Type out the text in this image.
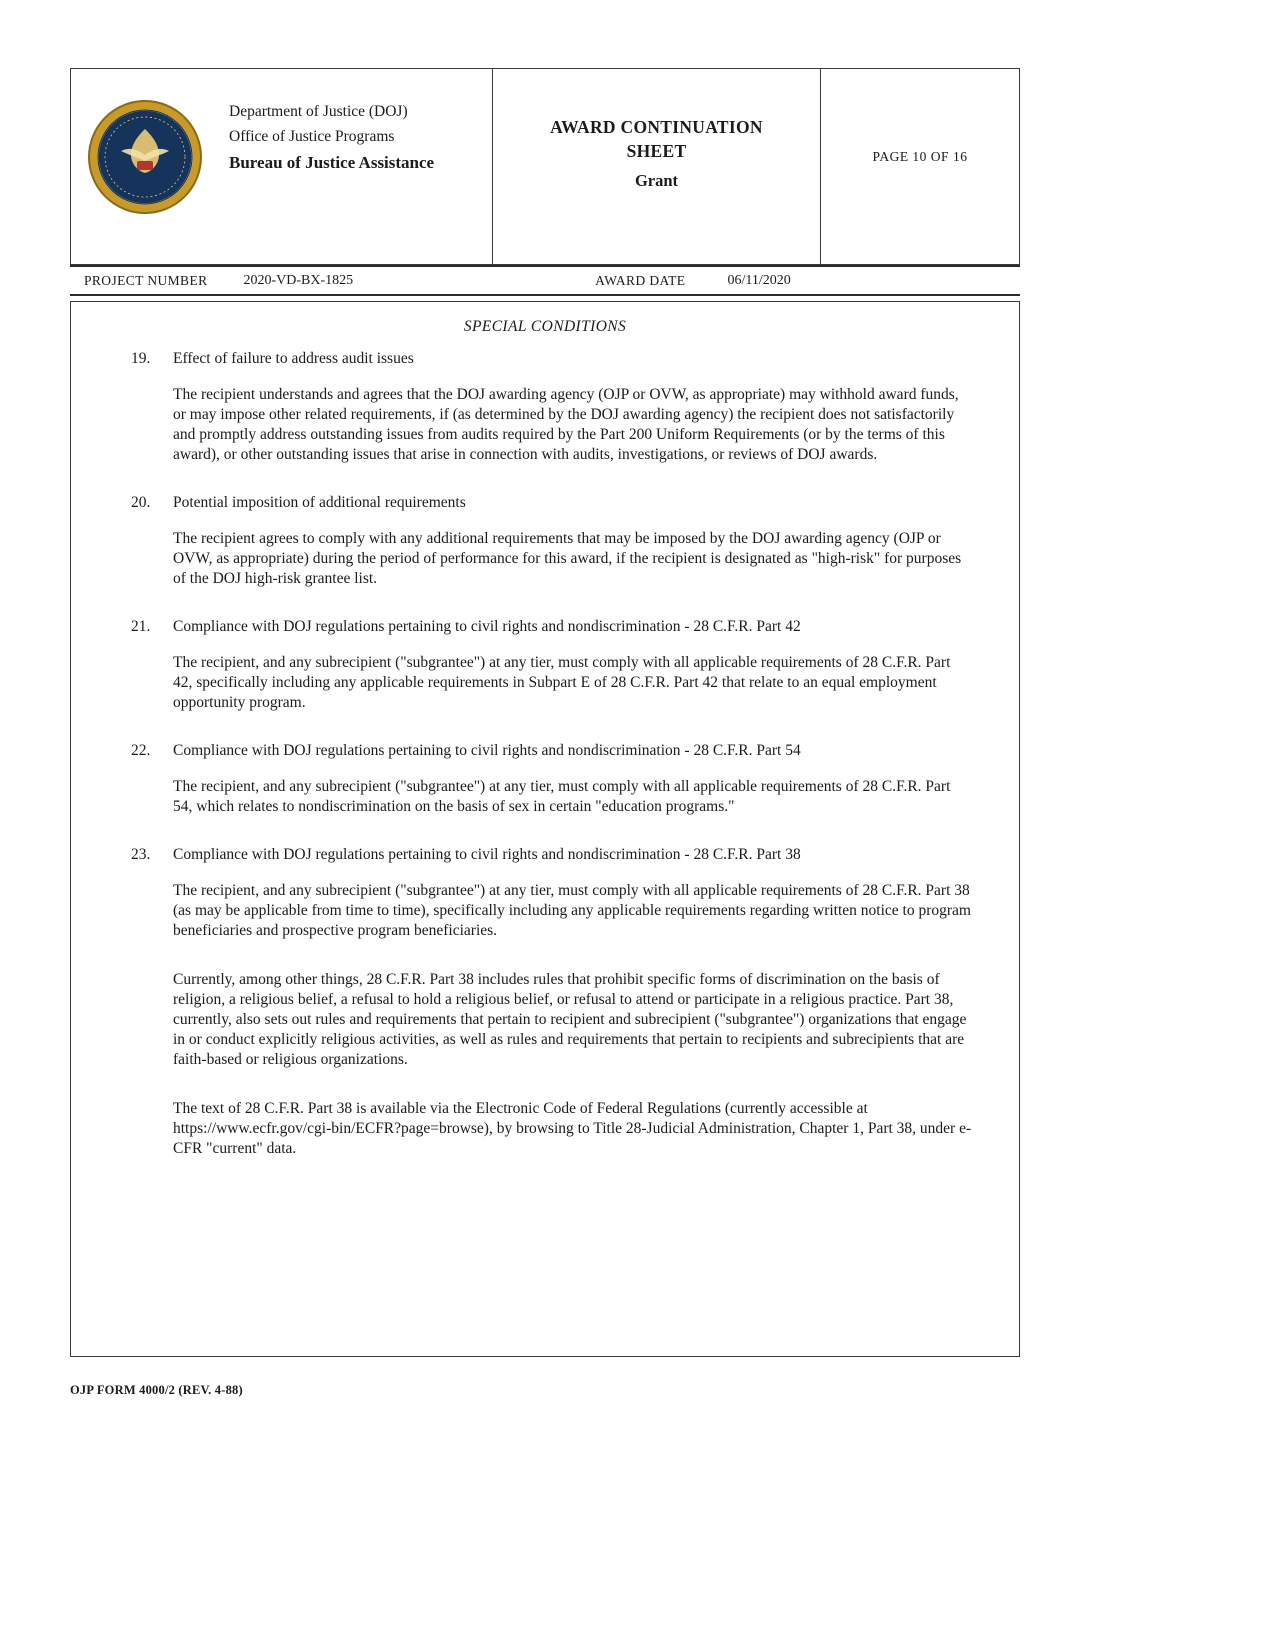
Department of Justice (DOJ)
Office of Justice Programs
Bureau of Justice Assistance
AWARD CONTINUATION
SHEET
Grant
PAGE 10 OF 16
PROJECT NUMBER	2020-VD-BX-1825	AWARD DATE	06/11/2020
SPECIAL CONDITIONS
19.	Effect of failure to address audit issues
The recipient understands and agrees that the DOJ awarding agency (OJP or OVW, as appropriate) may withhold award funds, or may impose other related requirements, if (as determined by the DOJ awarding agency) the recipient does not satisfactorily and promptly address outstanding issues from audits required by the Part 200 Uniform Requirements (or by the terms of this award), or other outstanding issues that arise in connection with audits, investigations, or reviews of DOJ awards.
20.	Potential imposition of additional requirements
The recipient agrees to comply with any additional requirements that may be imposed by the DOJ awarding agency (OJP or OVW, as appropriate) during the period of performance for this award, if the recipient is designated as "high-risk" for purposes of the DOJ high-risk grantee list.
21.	Compliance with DOJ regulations pertaining to civil rights and nondiscrimination - 28 C.F.R. Part 42
The recipient, and any subrecipient ("subgrantee") at any tier, must comply with all applicable requirements of 28 C.F.R. Part 42, specifically including any applicable requirements in Subpart E of 28 C.F.R. Part 42 that relate to an equal employment opportunity program.
22.	Compliance with DOJ regulations pertaining to civil rights and nondiscrimination - 28 C.F.R. Part 54
The recipient, and any subrecipient ("subgrantee") at any tier, must comply with all applicable requirements of 28 C.F.R. Part 54, which relates to nondiscrimination on the basis of sex in certain "education programs."
23.	Compliance with DOJ regulations pertaining to civil rights and nondiscrimination - 28 C.F.R. Part 38
The recipient, and any subrecipient ("subgrantee") at any tier, must comply with all applicable requirements of 28 C.F.R. Part 38 (as may be applicable from time to time), specifically including any applicable requirements regarding written notice to program beneficiaries and prospective program beneficiaries.
Currently, among other things, 28 C.F.R. Part 38 includes rules that prohibit specific forms of discrimination on the basis of religion, a religious belief, a refusal to hold a religious belief, or refusal to attend or participate in a religious practice. Part 38, currently, also sets out rules and requirements that pertain to recipient and subrecipient ("subgrantee") organizations that engage in or conduct explicitly religious activities, as well as rules and requirements that pertain to recipients and subrecipients that are faith-based or religious organizations.
The text of 28 C.F.R. Part 38 is available via the Electronic Code of Federal Regulations (currently accessible at https://www.ecfr.gov/cgi-bin/ECFR?page=browse), by browsing to Title 28-Judicial Administration, Chapter 1, Part 38, under e-CFR "current" data.
OJP FORM 4000/2 (REV. 4-88)
